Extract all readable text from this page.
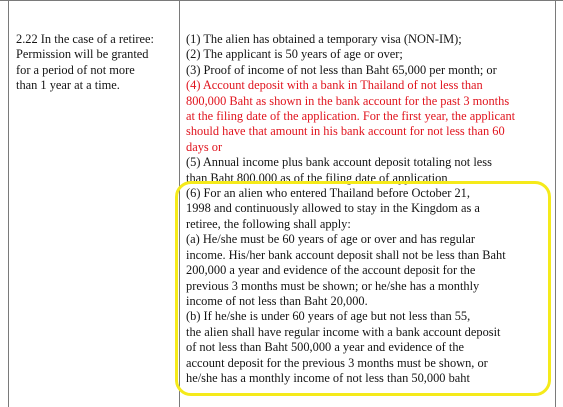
2.22 In the case of a retiree:
Permission will be granted
for a period of not more
than 1 year at a time.
(1) The alien has obtained a temporary visa (NON-IM);
(2) The applicant is 50 years of age or over;
(3) Proof of income of not less than Baht 65,000 per month; or
(4) Account deposit with a bank in Thailand of not less than
800,000 Baht as shown in the bank account for the past 3 months
at the filing date of the application. For the first year, the applicant
should have that amount in his bank account for not less than 60
days or
(5) Annual income plus bank account deposit totaling not less
than Baht 800,000 as of the filing date of application
(6) For an alien who entered Thailand before October 21,
1998 and continuously allowed to stay in the Kingdom as a
retiree, the following shall apply:
(a) He/she must be 60 years of age or over and has regular
income. His/her bank account deposit shall not be less than Baht
200,000 a year and evidence of the account deposit for the
previous 3 months must be shown; or he/she has a monthly
income of not less than Baht 20,000.
(b) If he/she is under 60 years of age but not less than 55,
the alien shall have regular income with a bank account deposit
of not less than Baht 500,000 a year and evidence of the
account deposit for the previous 3 months must be shown, or
he/she has a monthly income of not less than 50,000 baht
